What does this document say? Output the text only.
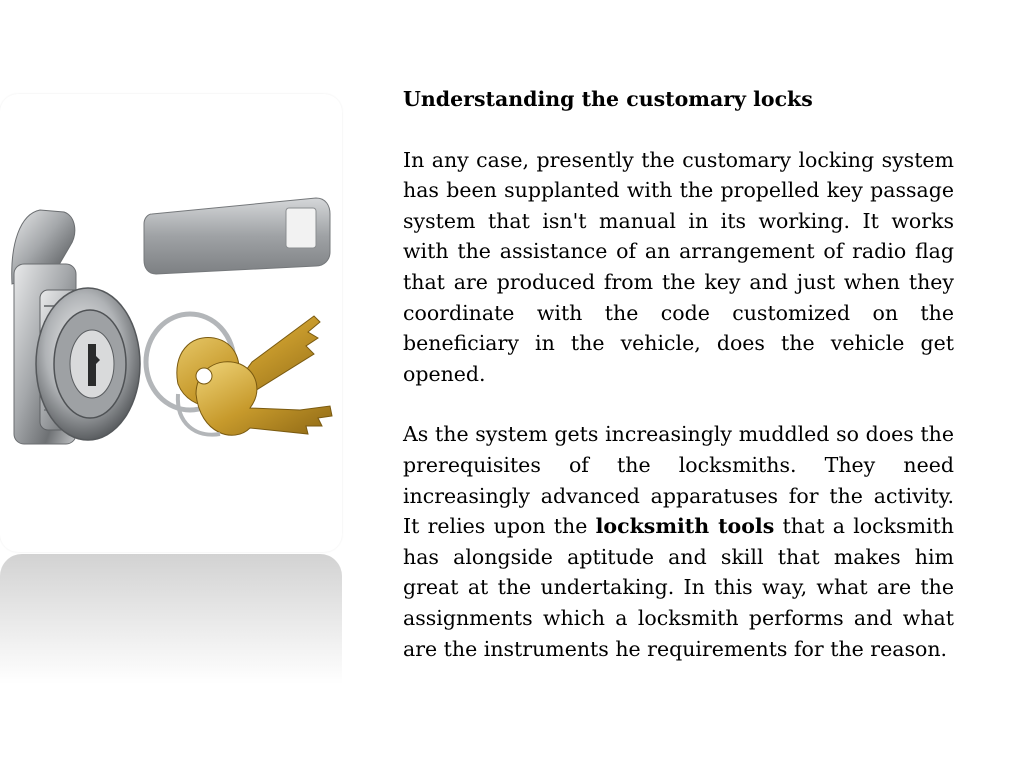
Understanding the customary locks
In any case, presently the customary locking system has been supplanted with the propelled key passage system that isn't manual in its working. It works with the assistance of an arrangement of radio flag that are produced from the key and just when they coordinate with the code customized on the beneficiary in the vehicle, does the vehicle get opened.
As the system gets increasingly muddled so does the prerequisites of the locksmiths. They need increasingly advanced apparatuses for the activity. It relies upon the locksmith tools that a locksmith has alongside aptitude and skill that makes him great at the undertaking. In this way, what are the assignments which a locksmith performs and what are the instruments he requirements for the reason.
